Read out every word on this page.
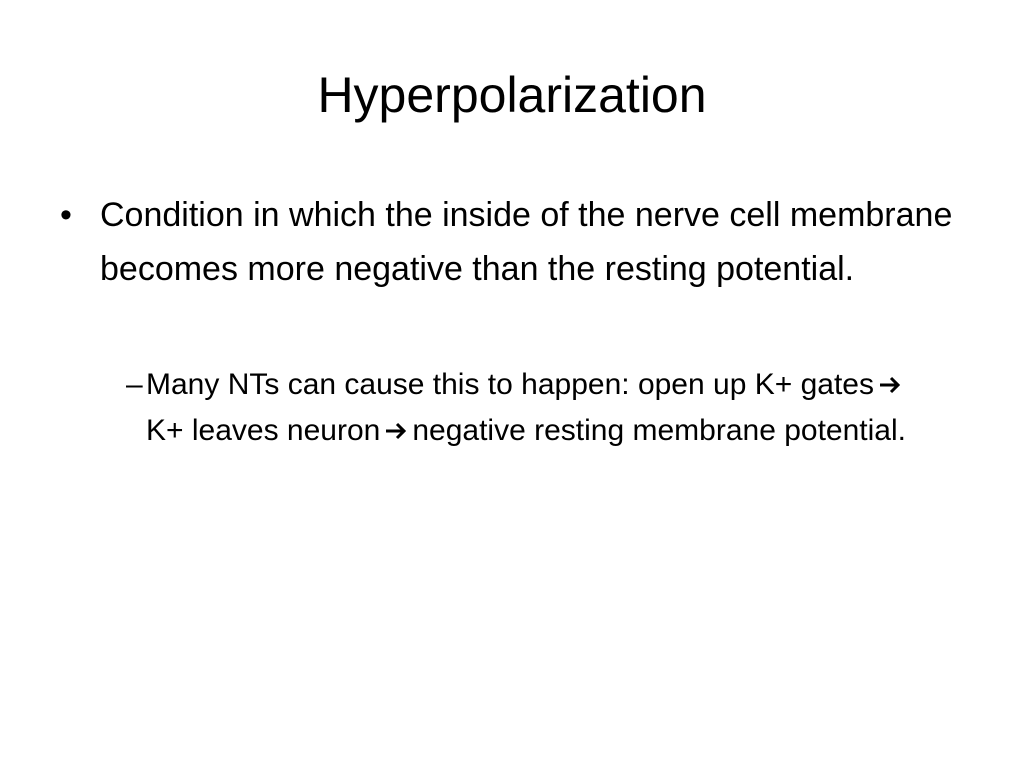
Hyperpolarization
• Condition in which the inside of the nerve cell membrane becomes more negative than the resting potential.
– Many NTs can cause this to happen: open up K+ gatesK+ leaves neuron negative resting membrane potential.
